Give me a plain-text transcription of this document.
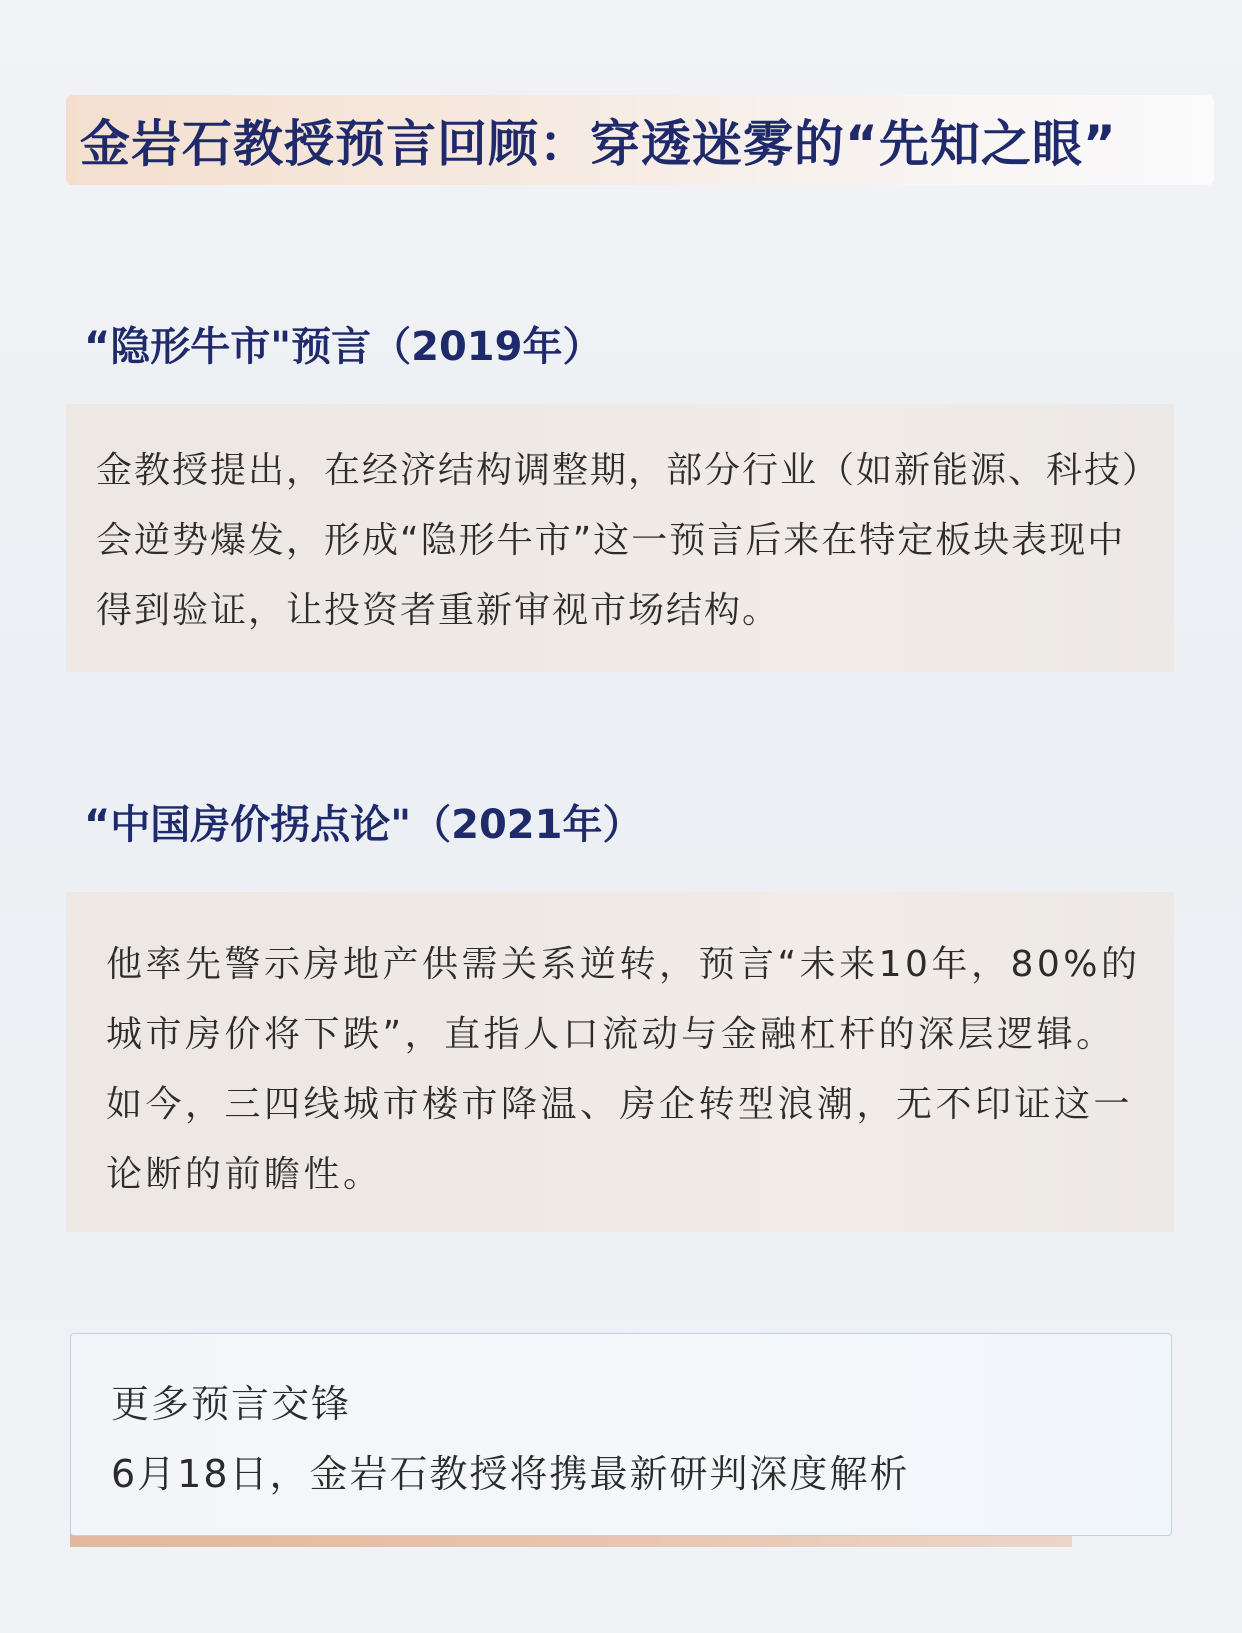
金岩石教授预言回顾：穿透迷雾的“先知之眼”
“隐形牛市"预言（2019年）
金教授提出，在经济结构调整期，部分行业（如新能源、科技）会逆势爆发，形成“隐形牛市”这一预言后来在特定板块表现中得到验证，让投资者重新审视市场结构。
“中国房价拐点论"（2021年）
他率先警示房地产供需关系逆转，预言“未来10年，80%的城市房价将下跌”，直指人口流动与金融杠杆的深层逻辑。如今，三四线城市楼市降温、房企转型浪潮，无不印证这一论断的前瞻性。
更多预言交锋
6月18日，金岩石教授将携最新研判深度解析
